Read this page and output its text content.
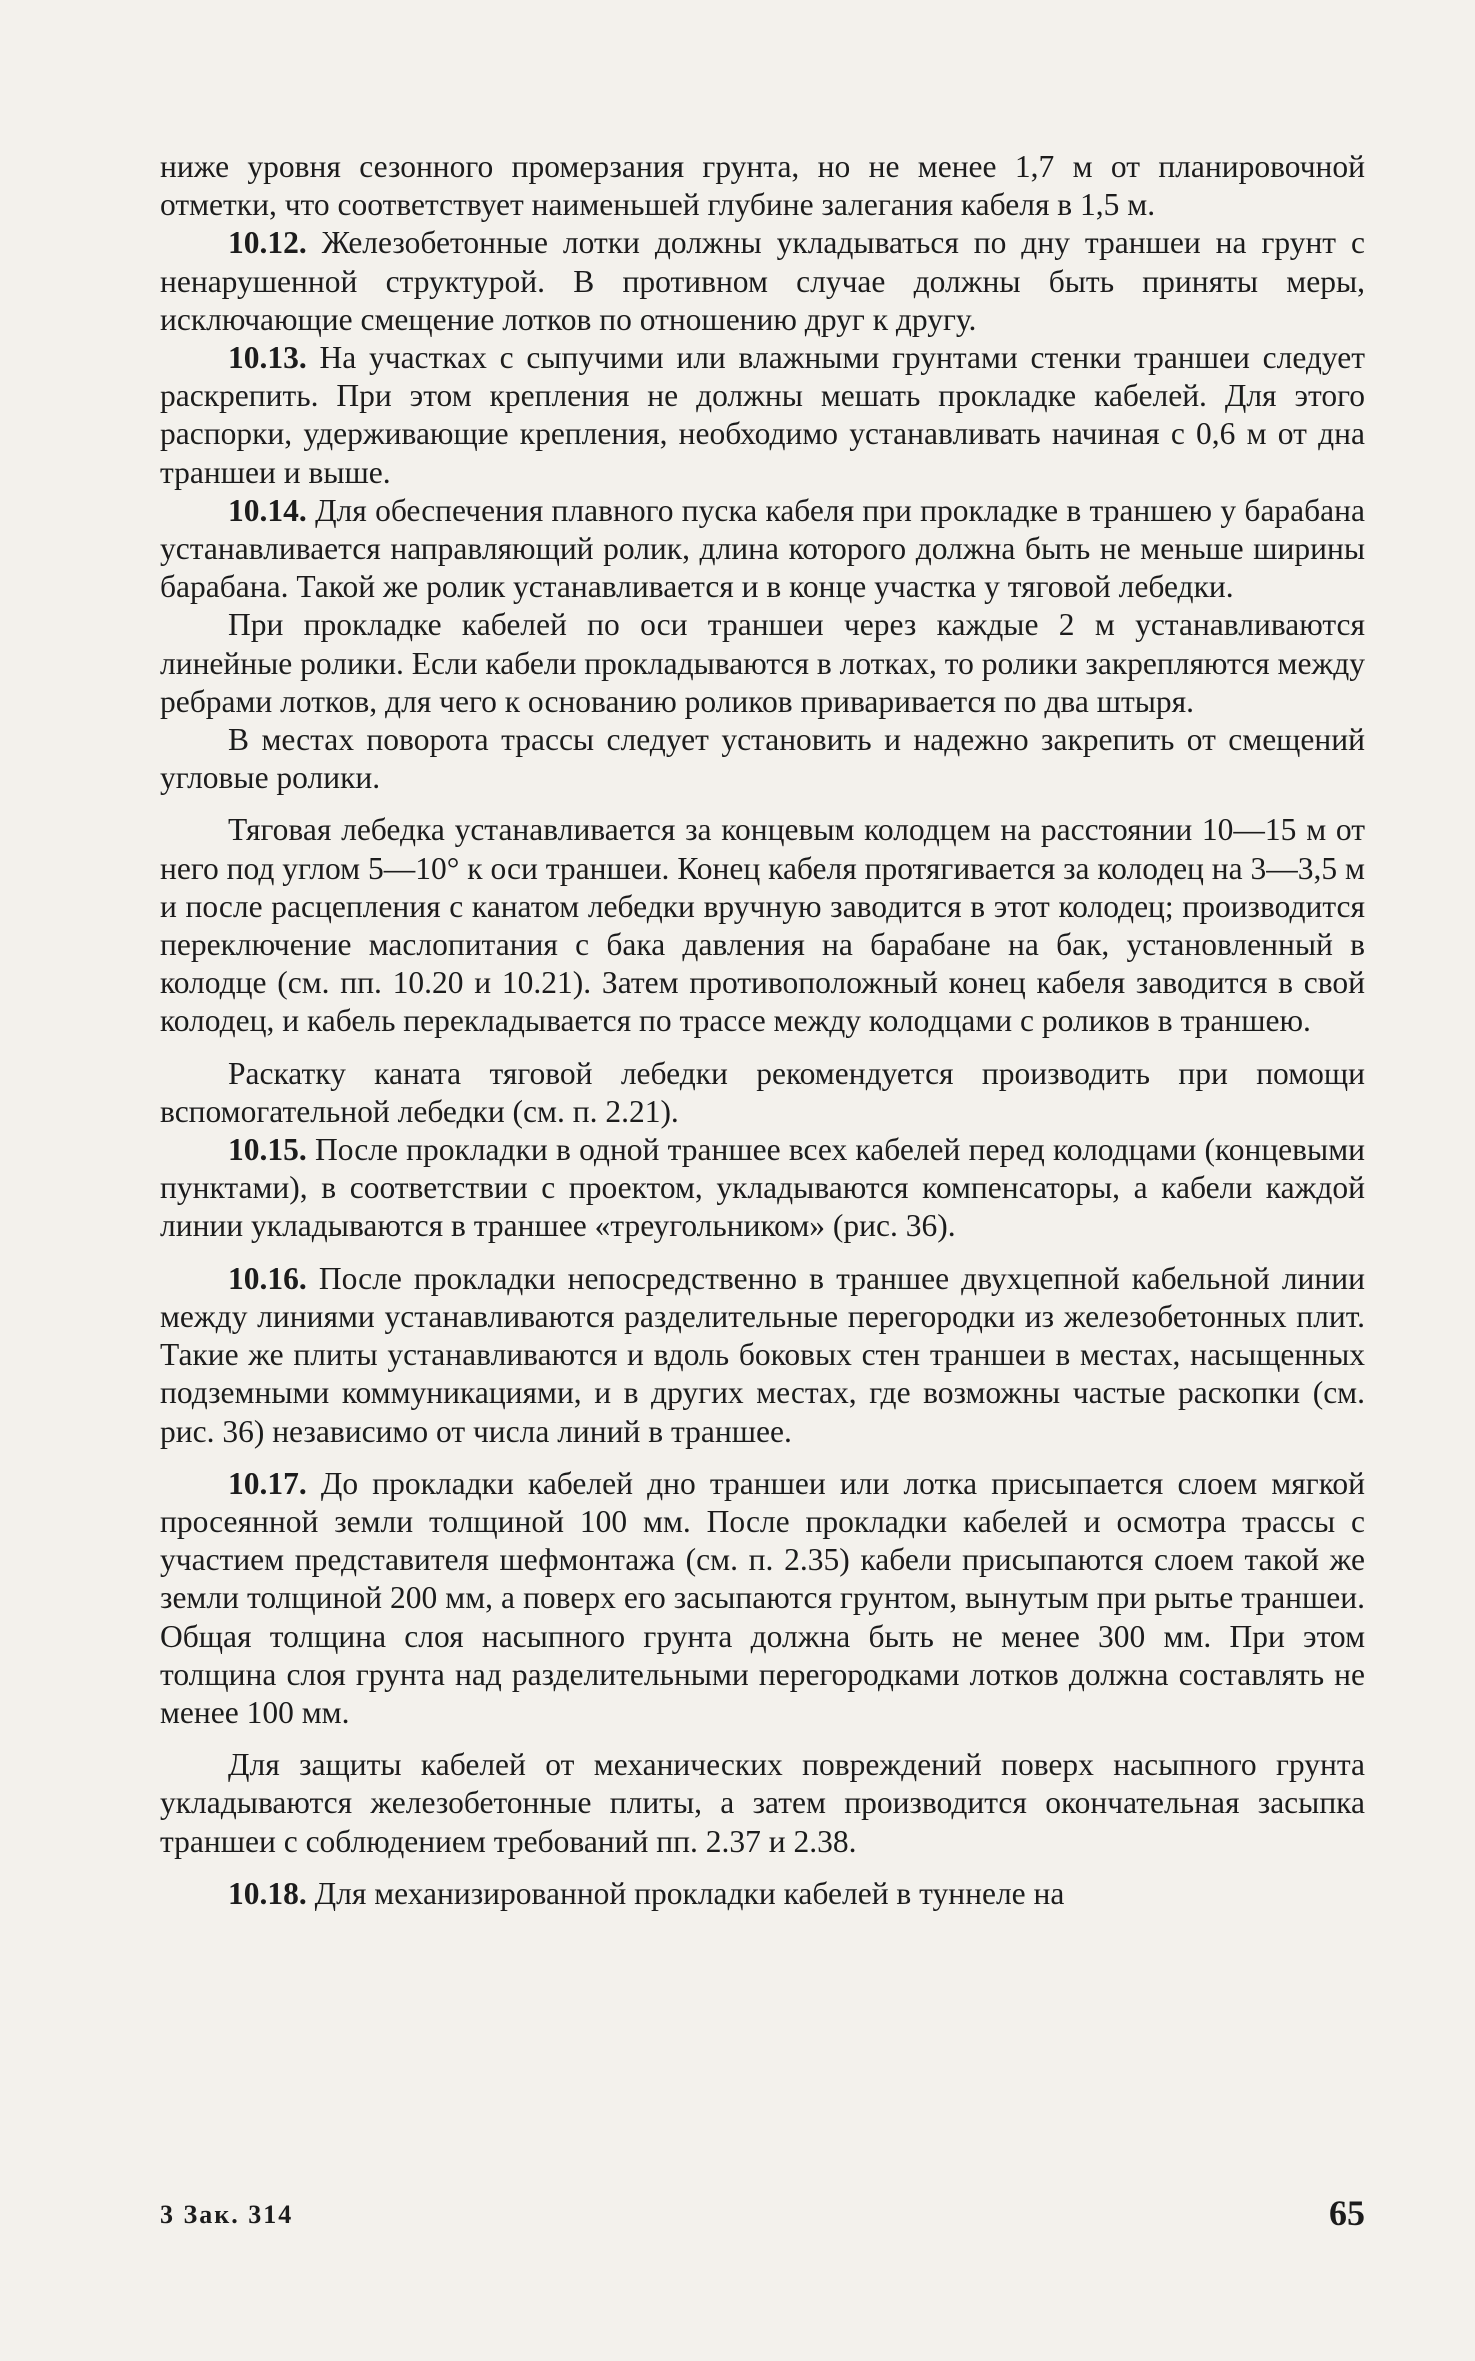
ниже уровня сезонного промерзания грунта, но не менее 1,7 м от планировочной отметки, что соответствует наименьшей глубине залегания кабеля в 1,5 м.

10.12. Железобетонные лотки должны укладываться по дну траншеи на грунт с ненарушенной структурой. В противном случае должны быть приняты меры, исключающие смещение лотков по отношению друг к другу.

10.13. На участках с сыпучими или влажными грунтами стенки траншеи следует раскрепить. При этом крепления не должны мешать прокладке кабелей. Для этого распорки, удерживающие крепления, необходимо устанавливать начиная с 0,6 м от дна траншеи и выше.

10.14. Для обеспечения плавного пуска кабеля при прокладке в траншею у барабана устанавливается направляющий ролик, длина которого должна быть не меньше ширины барабана. Такой же ролик устанавливается и в конце участка у тяговой лебедки.

При прокладке кабелей по оси траншеи через каждые 2 м устанавливаются линейные ролики. Если кабели прокладываются в лотках, то ролики закрепляются между ребрами лотков, для чего к основанию роликов приваривается по два штыря.

В местах поворота трассы следует установить и надежно закрепить от смещений угловые ролики.

Тяговая лебедка устанавливается за концевым колодцем на расстоянии 10—15 м от него под углом 5—10° к оси траншеи. Конец кабеля протягивается за колодец на 3—3,5 м и после расцепления с канатом лебедки вручную заводится в этот колодец; производится переключение маслопитания с бака давления на барабане на бак, установленный в колодце (см. пп. 10.20 и 10.21). Затем противоположный конец кабеля заводится в свой колодец, и кабель перекладывается по трассе между колодцами с роликов в траншею.

Раскатку каната тяговой лебедки рекомендуется производить при помощи вспомогательной лебедки (см. п. 2.21).

10.15. После прокладки в одной траншее всех кабелей перед колодцами (концевыми пунктами), в соответствии с проектом, укладываются компенсаторы, а кабели каждой линии укладываются в траншее «треугольником» (рис. 36).

10.16. После прокладки непосредственно в траншее двухцепной кабельной линии между линиями устанавливаются разделительные перегородки из железобетонных плит. Такие же плиты устанавливаются и вдоль боковых стен траншеи в местах, насыщенных подземными коммуникациями, и в других местах, где возможны частые раскопки (см. рис. 36) независимо от числа линий в траншее.

10.17. До прокладки кабелей дно траншеи или лотка присыпается слоем мягкой просеянной земли толщиной 100 мм. После прокладки кабелей и осмотра трассы с участием представителя шефмонтажа (см. п. 2.35) кабели присыпаются слоем такой же земли толщиной 200 мм, а поверх его засыпаются грунтом, вынутым при рытье траншеи. Общая толщина слоя насыпного грунта должна быть не менее 300 мм. При этом толщина слоя грунта над разделительными перегородками лотков должна составлять не менее 100 мм.

Для защиты кабелей от механических повреждений поверх насыпного грунта укладываются железобетонные плиты, а затем производится окончательная засыпка траншеи с соблюдением требований пп. 2.37 и 2.38.

10.18. Для механизированной прокладки кабелей в туннеле на

3 Зак. 314	65
